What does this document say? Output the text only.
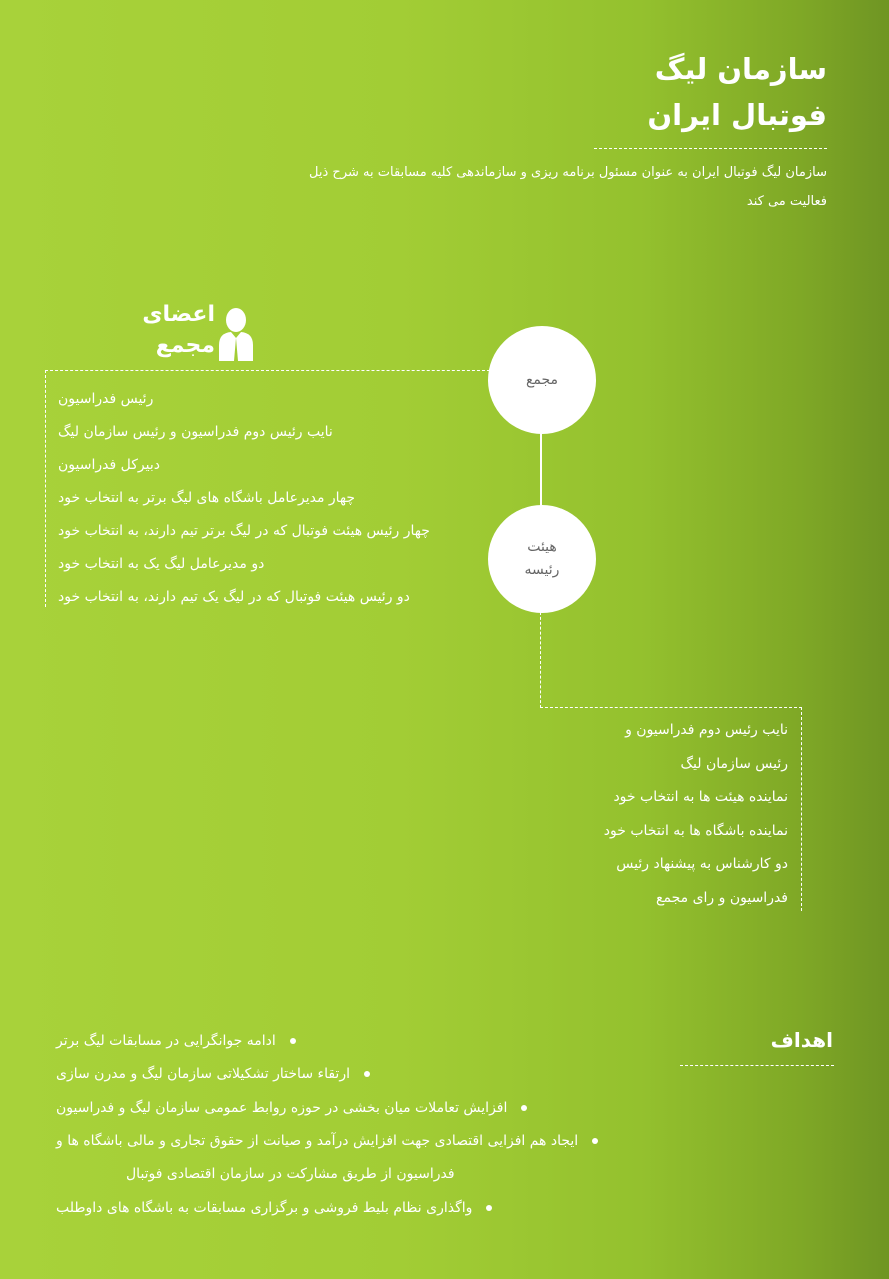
سازمان لیگ
فوتبال ایران
سازمان لیگ فوتبال ایران به عنوان مسئول برنامه ریزی و سازماندهی کلیه مسابقات به شرح ذیل فعالیت می کند
اعضای
مجمع
رئیس فدراسیون
نایب رئیس دوم فدراسیون و رئیس سازمان لیگ
دبیرکل فدراسیون
چهار مدیرعامل باشگاه های لیگ برتر به انتخاب خود
چهار رئیس هیئت فوتبال که در لیگ برتر تیم دارند، به انتخاب خود
دو مدیرعامل لیگ یک به انتخاب خود
دو رئیس هیئت فوتبال که در لیگ یک تیم دارند، به انتخاب خود
مجمع
هیئت
رئیسه
نایب رئیس دوم فدراسیون و
رئیس سازمان لیگ
نماینده هیئت ها به انتخاب خود
نماینده باشگاه ها به انتخاب خود
دو کارشناس به پیشنهاد رئیس
فدراسیون و رای مجمع
اهداف
ادامه جوانگرایی در مسابقات لیگ برتر
ارتقاء ساختار تشکیلاتی سازمان لیگ و مدرن سازی
افزایش تعاملات میان بخشی در حوزه روابط عمومی سازمان لیگ و فدراسیون
ایجاد هم افزایی اقتصادی جهت افزایش درآمد و صیانت از حقوق تجاری و مالی باشگاه ها و
فدراسیون از طریق مشارکت در سازمان اقتصادی فوتبال
واگذاری نظام بلیط فروشی و برگزاری مسابقات به باشگاه های داوطلب
